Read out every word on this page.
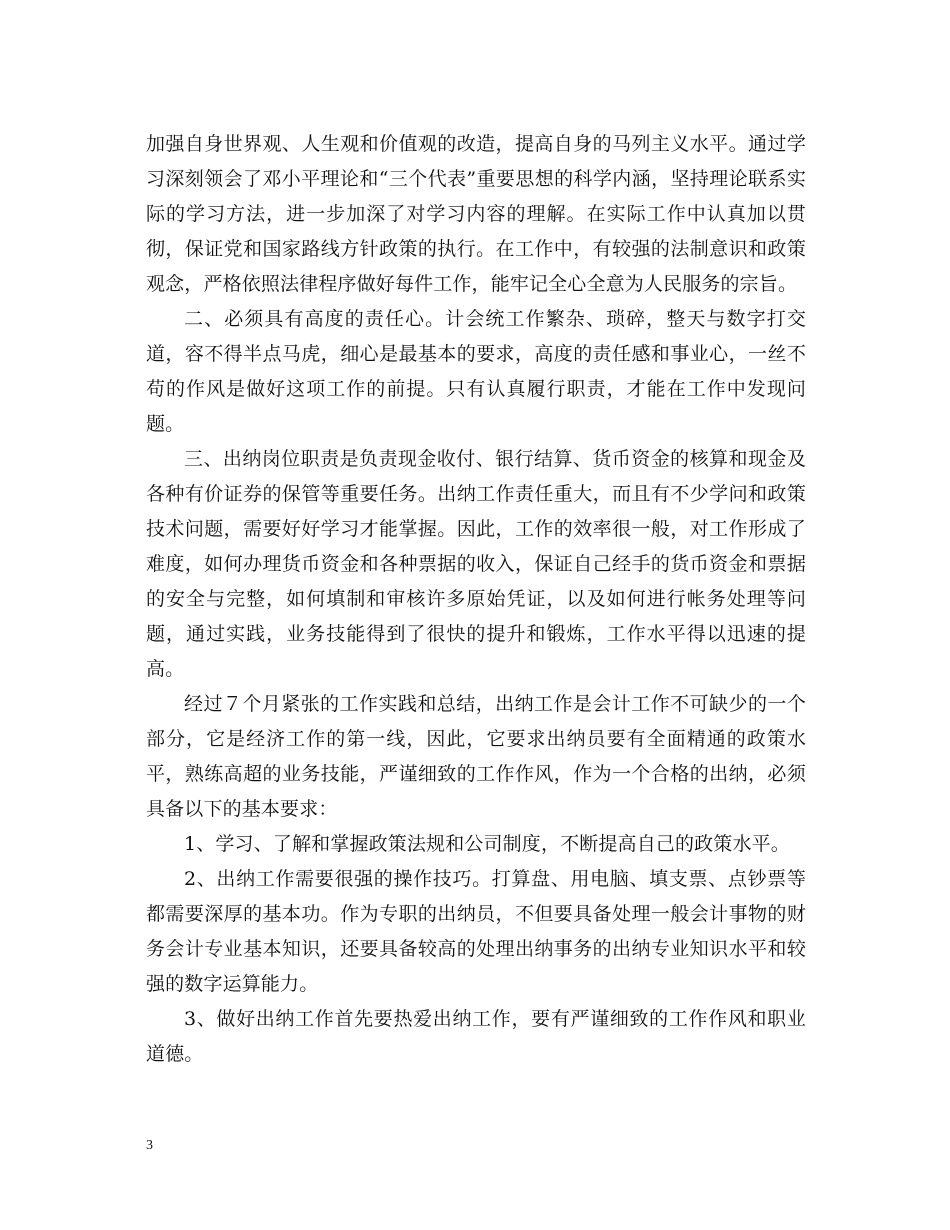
加强自身世界观、人生观和价值观的改造，提高自身的马列主义水平。通过学习深刻领会了邓小平理论和“三个代表”重要思想的科学内涵，坚持理论联系实际的学习方法，进一步加深了对学习内容的理解。在实际工作中认真加以贯彻，保证党和国家路线方针政策的执行。在工作中，有较强的法制意识和政策观念，严格依照法律程序做好每件工作，能牢记全心全意为人民服务的宗旨。

二、必须具有高度的责任心。计会统工作繁杂、琐碎，整天与数字打交道，容不得半点马虎，细心是最基本的要求，高度的责任感和事业心，一丝不苟的作风是做好这项工作的前提。只有认真履行职责，才能在工作中发现问题。

三、出纳岗位职责是负责现金收付、银行结算、货币资金的核算和现金及各种有价证券的保管等重要任务。出纳工作责任重大，而且有不少学问和政策技术问题，需要好好学习才能掌握。因此，工作的效率很一般，对工作形成了难度，如何办理货币资金和各种票据的收入，保证自己经手的货币资金和票据的安全与完整，如何填制和审核许多原始凭证，以及如何进行帐务处理等问题，通过实践，业务技能得到了很快的提升和锻炼，工作水平得以迅速的提高。

经过７个月紧张的工作实践和总结，出纳工作是会计工作不可缺少的一个部分，它是经济工作的第一线，因此，它要求出纳员要有全面精通的政策水平，熟练高超的业务技能，严谨细致的工作作风，作为一个合格的出纳，必须具备以下的基本要求：

1、学习、了解和掌握政策法规和公司制度，不断提高自己的政策水平。

2、出纳工作需要很强的操作技巧。打算盘、用电脑、填支票、点钞票等都需要深厚的基本功。作为专职的出纳员，不但要具备处理一般会计事物的财务会计专业基本知识，还要具备较高的处理出纳事务的出纳专业知识水平和较强的数字运算能力。

3、做好出纳工作首先要热爱出纳工作，要有严谨细致的工作作风和职业道德。

3
